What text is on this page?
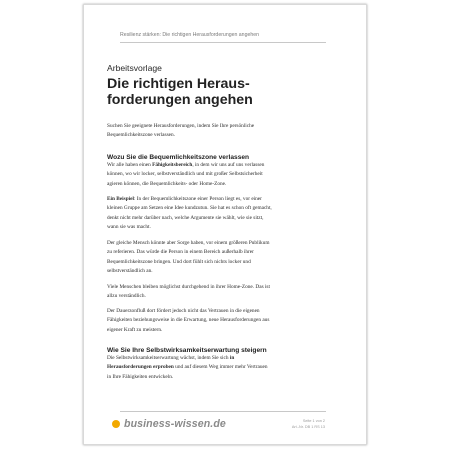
Resilienz stärken: Die richtigen Herausforderungen angehen
Arbeitsvorlage
Die richtigen Heraus-
forderungen angehen
Suchen Sie geeignete Herausforderungen, indem Sie Ihre persönliche
Bequemlichkeitszone verlassen.
Wozu Sie die Bequemlichkeitszone verlassen
Wir alle haben einen Fähigkeitsbereich, in dem wir uns auf uns verlassen
können, wo wir locker, selbstverständlich und mit großer Selbstsicherheit
agieren können, die Bequemlichkeits- oder Home-Zone.
Ein Beispiel: In der Bequemlichkeitszone einer Person liegt es, vor einer
kleinen Gruppe am Setzen eine Idee kundzutun. Sie hat es schon oft gemacht,
denkt nicht mehr darüber nach, welche Argumente sie wählt, wie sie sitzt,
wann sie was macht.
Der gleiche Mensch könnte aber Sorge haben, vor einem größeren Publikum
zu referieren. Das würde die Person in einem Bereich außerhalb ihrer
Bequemlichkeitszone bringen. Und dort fühlt sich nichts locker und
selbstverständlich an.
Viele Menschen bleiben möglichst durchgehend in ihrer Home-Zone. Das ist
allzu verständlich.
Der Dauerzonfluß dort fördert jedoch nicht das Vertrauen in die eigenen
Fähigkeiten beziehungsweise in die Erwartung, neue Herausforderungen aus
eigener Kraft zu meistern.
Wie Sie Ihre Selbstwirksamkeitserwartung steigern
Die Selbstwirksamkeitserwartung wächst, indem Sie sich in
Herausforderungen erproben und auf diesem Weg immer mehr Vertrauen
in Ihre Fähigkeiten entwickeln.
business-wissen.de	Seite 1 von 2
Art.-Nr. DB 1 RS 13
